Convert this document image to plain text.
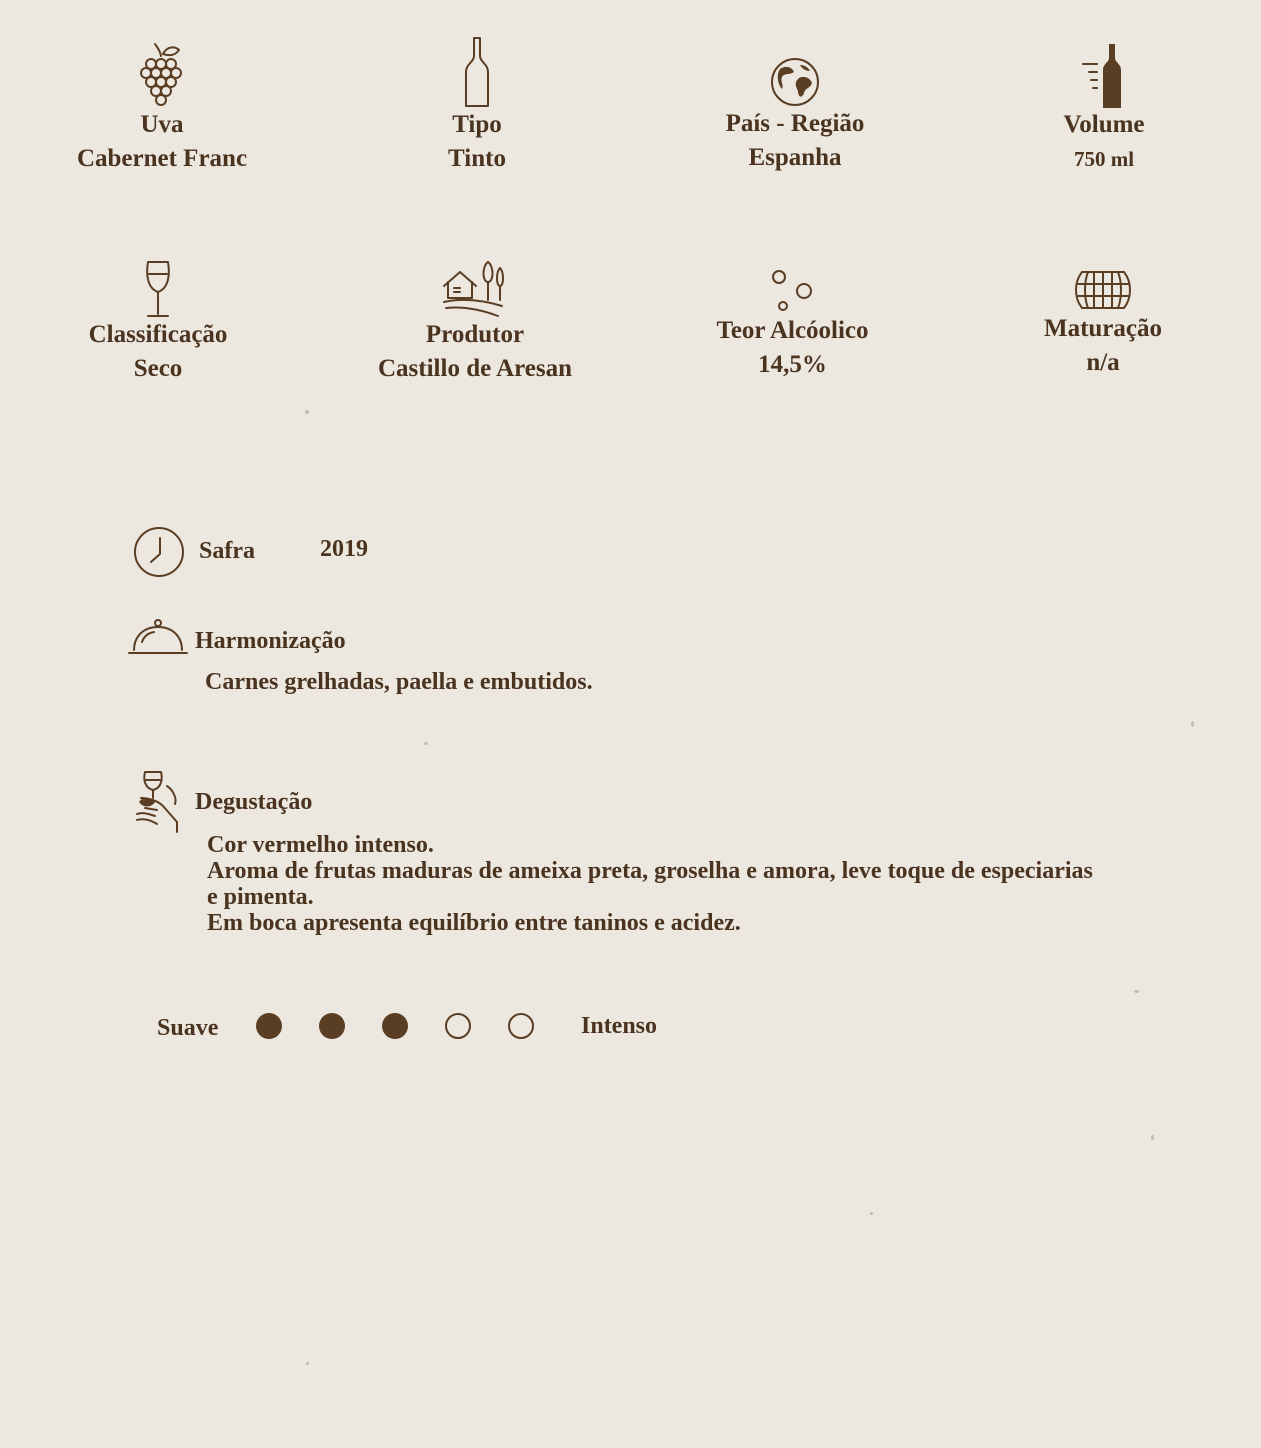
Uva
Cabernet Franc
Tipo
Tinto
País - Região
Espanha
Volume
750 ml
Classificação
Seco
Produtor
Castillo de Aresan
Teor Alcóolico
14,5%
Maturação
n/a
Safra	2019
Harmonização
Carnes grelhadas, paella e embutidos.
Degustação
Cor vermelho intenso.
Aroma de frutas maduras de ameixa preta, groselha e amora, leve toque de especiarias
e pimenta.
Em boca apresenta equilíbrio entre taninos e acidez.
Suave	Intenso
